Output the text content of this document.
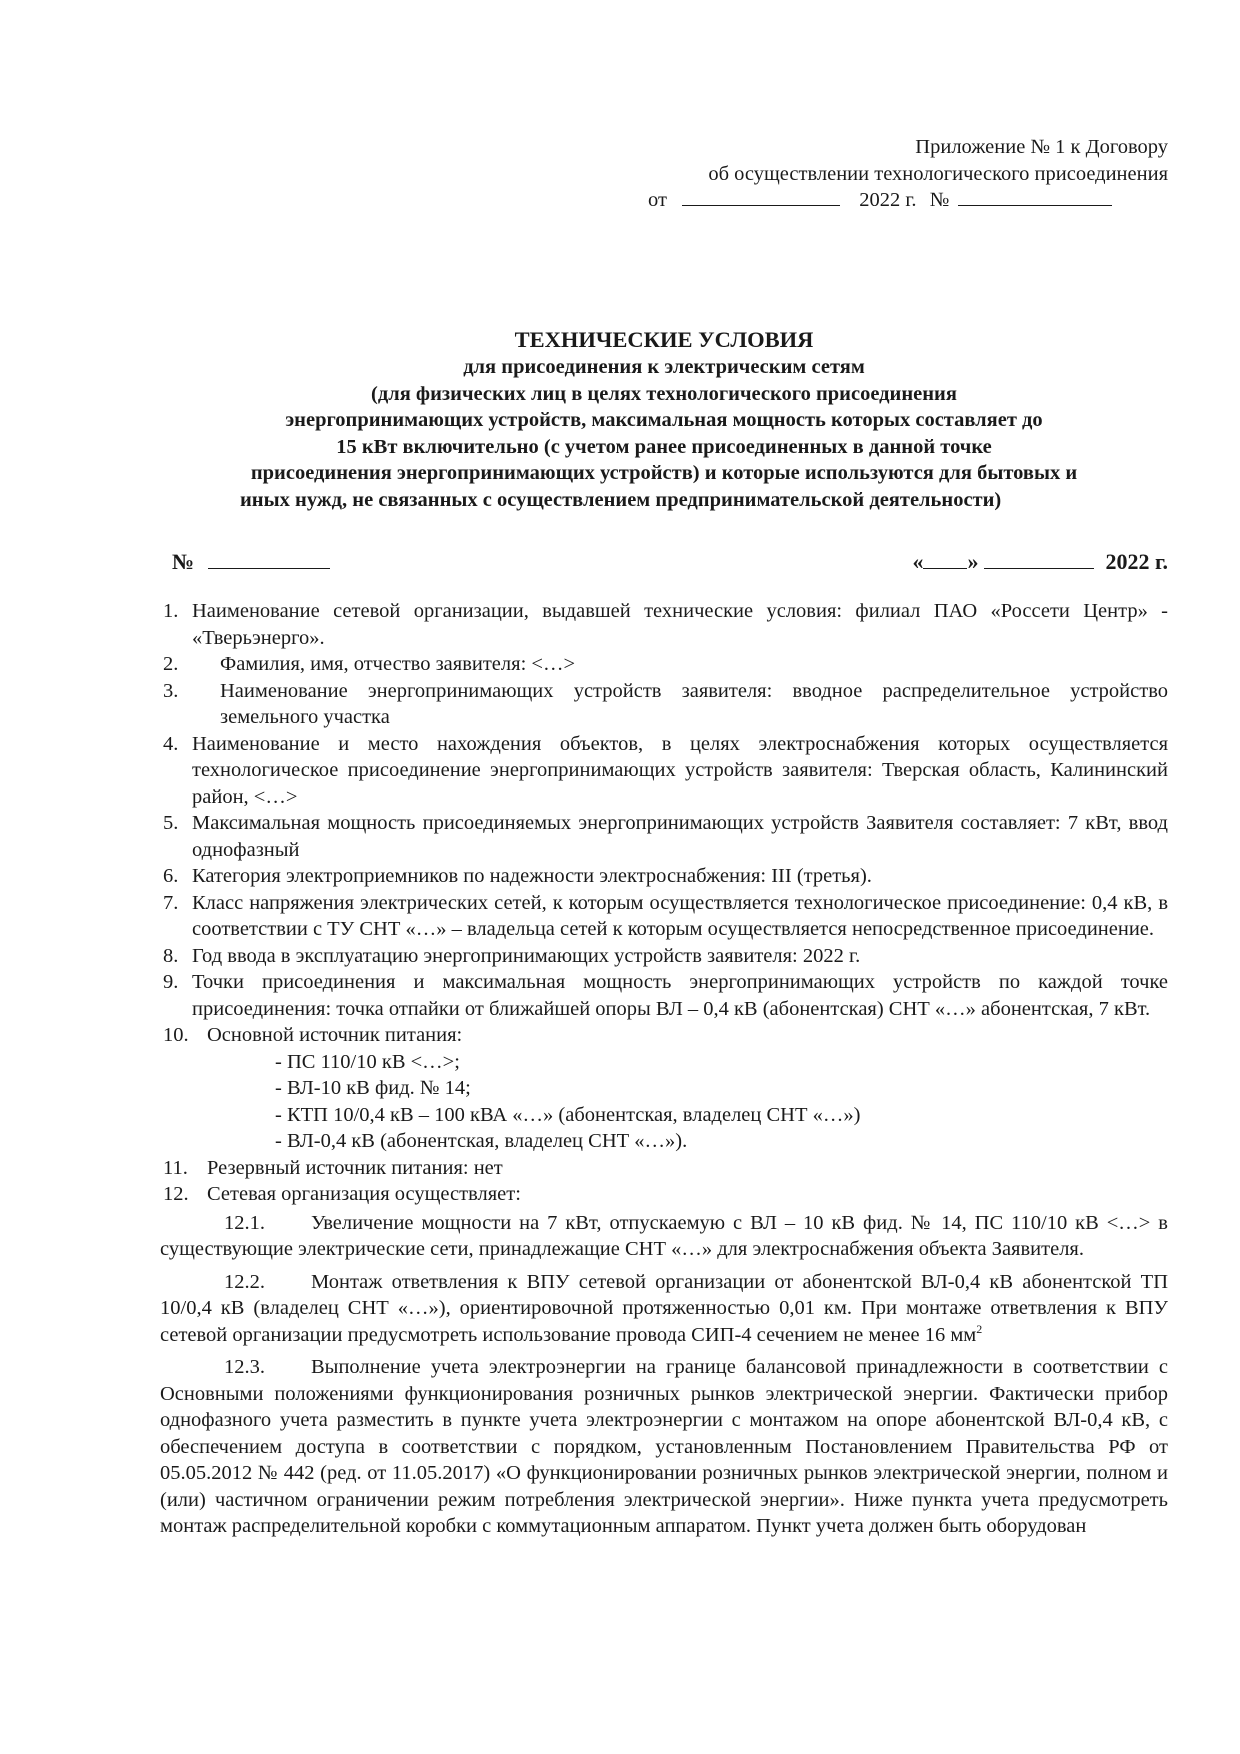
Приложение № 1 к Договору
об осуществлении технологического присоединения
от	2022 г. №
ТЕХНИЧЕСКИЕ УСЛОВИЯ
для присоединения к электрическим сетям
(для физических лиц в целях технологического присоединения
энергопринимающих устройств, максимальная мощность которых составляет до
15 кВт включительно (с учетом ранее присоединенных в данной точке
присоединения энергопринимающих устройств) и которые используются для бытовых и
иных нужд, не связанных с осуществлением предпринимательской деятельности)
№	« »	2022 г.
1. Наименование сетевой организации, выдавшей технические условия: филиал ПАО «Россети Центр» - «Тверьэнерго».
2. Фамилия, имя, отчество заявителя: <…>
3. Наименование энергопринимающих устройств заявителя: вводное распределительное устройство земельного участка
4. Наименование и место нахождения объектов, в целях электроснабжения которых осуществляется технологическое присоединение энергопринимающих устройств заявителя: Тверская область, Калининский район, <…>
5. Максимальная мощность присоединяемых энергопринимающих устройств Заявителя составляет: 7 кВт, ввод однофазный
6. Категория электроприемников по надежности электроснабжения: III (третья).
7. Класс напряжения электрических сетей, к которым осуществляется технологическое присоединение: 0,4 кВ, в соответствии с ТУ СНТ «…» – владельца сетей к которым осуществляется непосредственное присоединение.
8. Год ввода в эксплуатацию энергопринимающих устройств заявителя: 2022 г.
9. Точки присоединения и максимальная мощность энергопринимающих устройств по каждой точке присоединения: точка отпайки от ближайшей опоры ВЛ – 0,4 кВ (абонентская) СНТ «…» абонентская, 7 кВт.
10. Основной источник питания:
- ПС 110/10 кВ <…>;
- ВЛ-10 кВ фид. № 14;
- КТП 10/0,4 кВ – 100 кВА «…» (абонентская, владелец СНТ «…»)
- ВЛ-0,4 кВ (абонентская, владелец СНТ «…»).
11. Резервный источник питания: нет
12. Сетевая организация осуществляет:
12.1. Увеличение мощности на 7 кВт, отпускаемую с ВЛ – 10 кВ фид. № 14, ПС 110/10 кВ <…> в существующие электрические сети, принадлежащие СНТ «…» для электроснабжения объекта Заявителя.
12.2. Монтаж ответвления к ВПУ сетевой организации от абонентской ВЛ-0,4 кВ абонентской ТП 10/0,4 кВ (владелец СНТ «…»), ориентировочной протяженностью 0,01 км. При монтаже ответвления к ВПУ сетевой организации предусмотреть использование провода СИП-4 сечением не менее 16 $мм^2$
12.3. Выполнение учета электроэнергии на границе балансовой принадлежности в соответствии с Основными положениями функционирования розничных рынков электрической энергии. Фактически прибор однофазного учета разместить в пункте учета электроэнергии с монтажом на опоре абонентской ВЛ-0,4 кВ, с обеспечением доступа в соответствии с порядком, установленным Постановлением Правительства РФ от 05.05.2012 № 442 (ред. от 11.05.2017) «О функционировании розничных рынков электрической энергии, полном и (или) частичном ограничении режим потребления электрической энергии». Ниже пункта учета предусмотреть монтаж распределительной коробки с коммутационным аппаратом. Пункт учета должен быть оборудован
